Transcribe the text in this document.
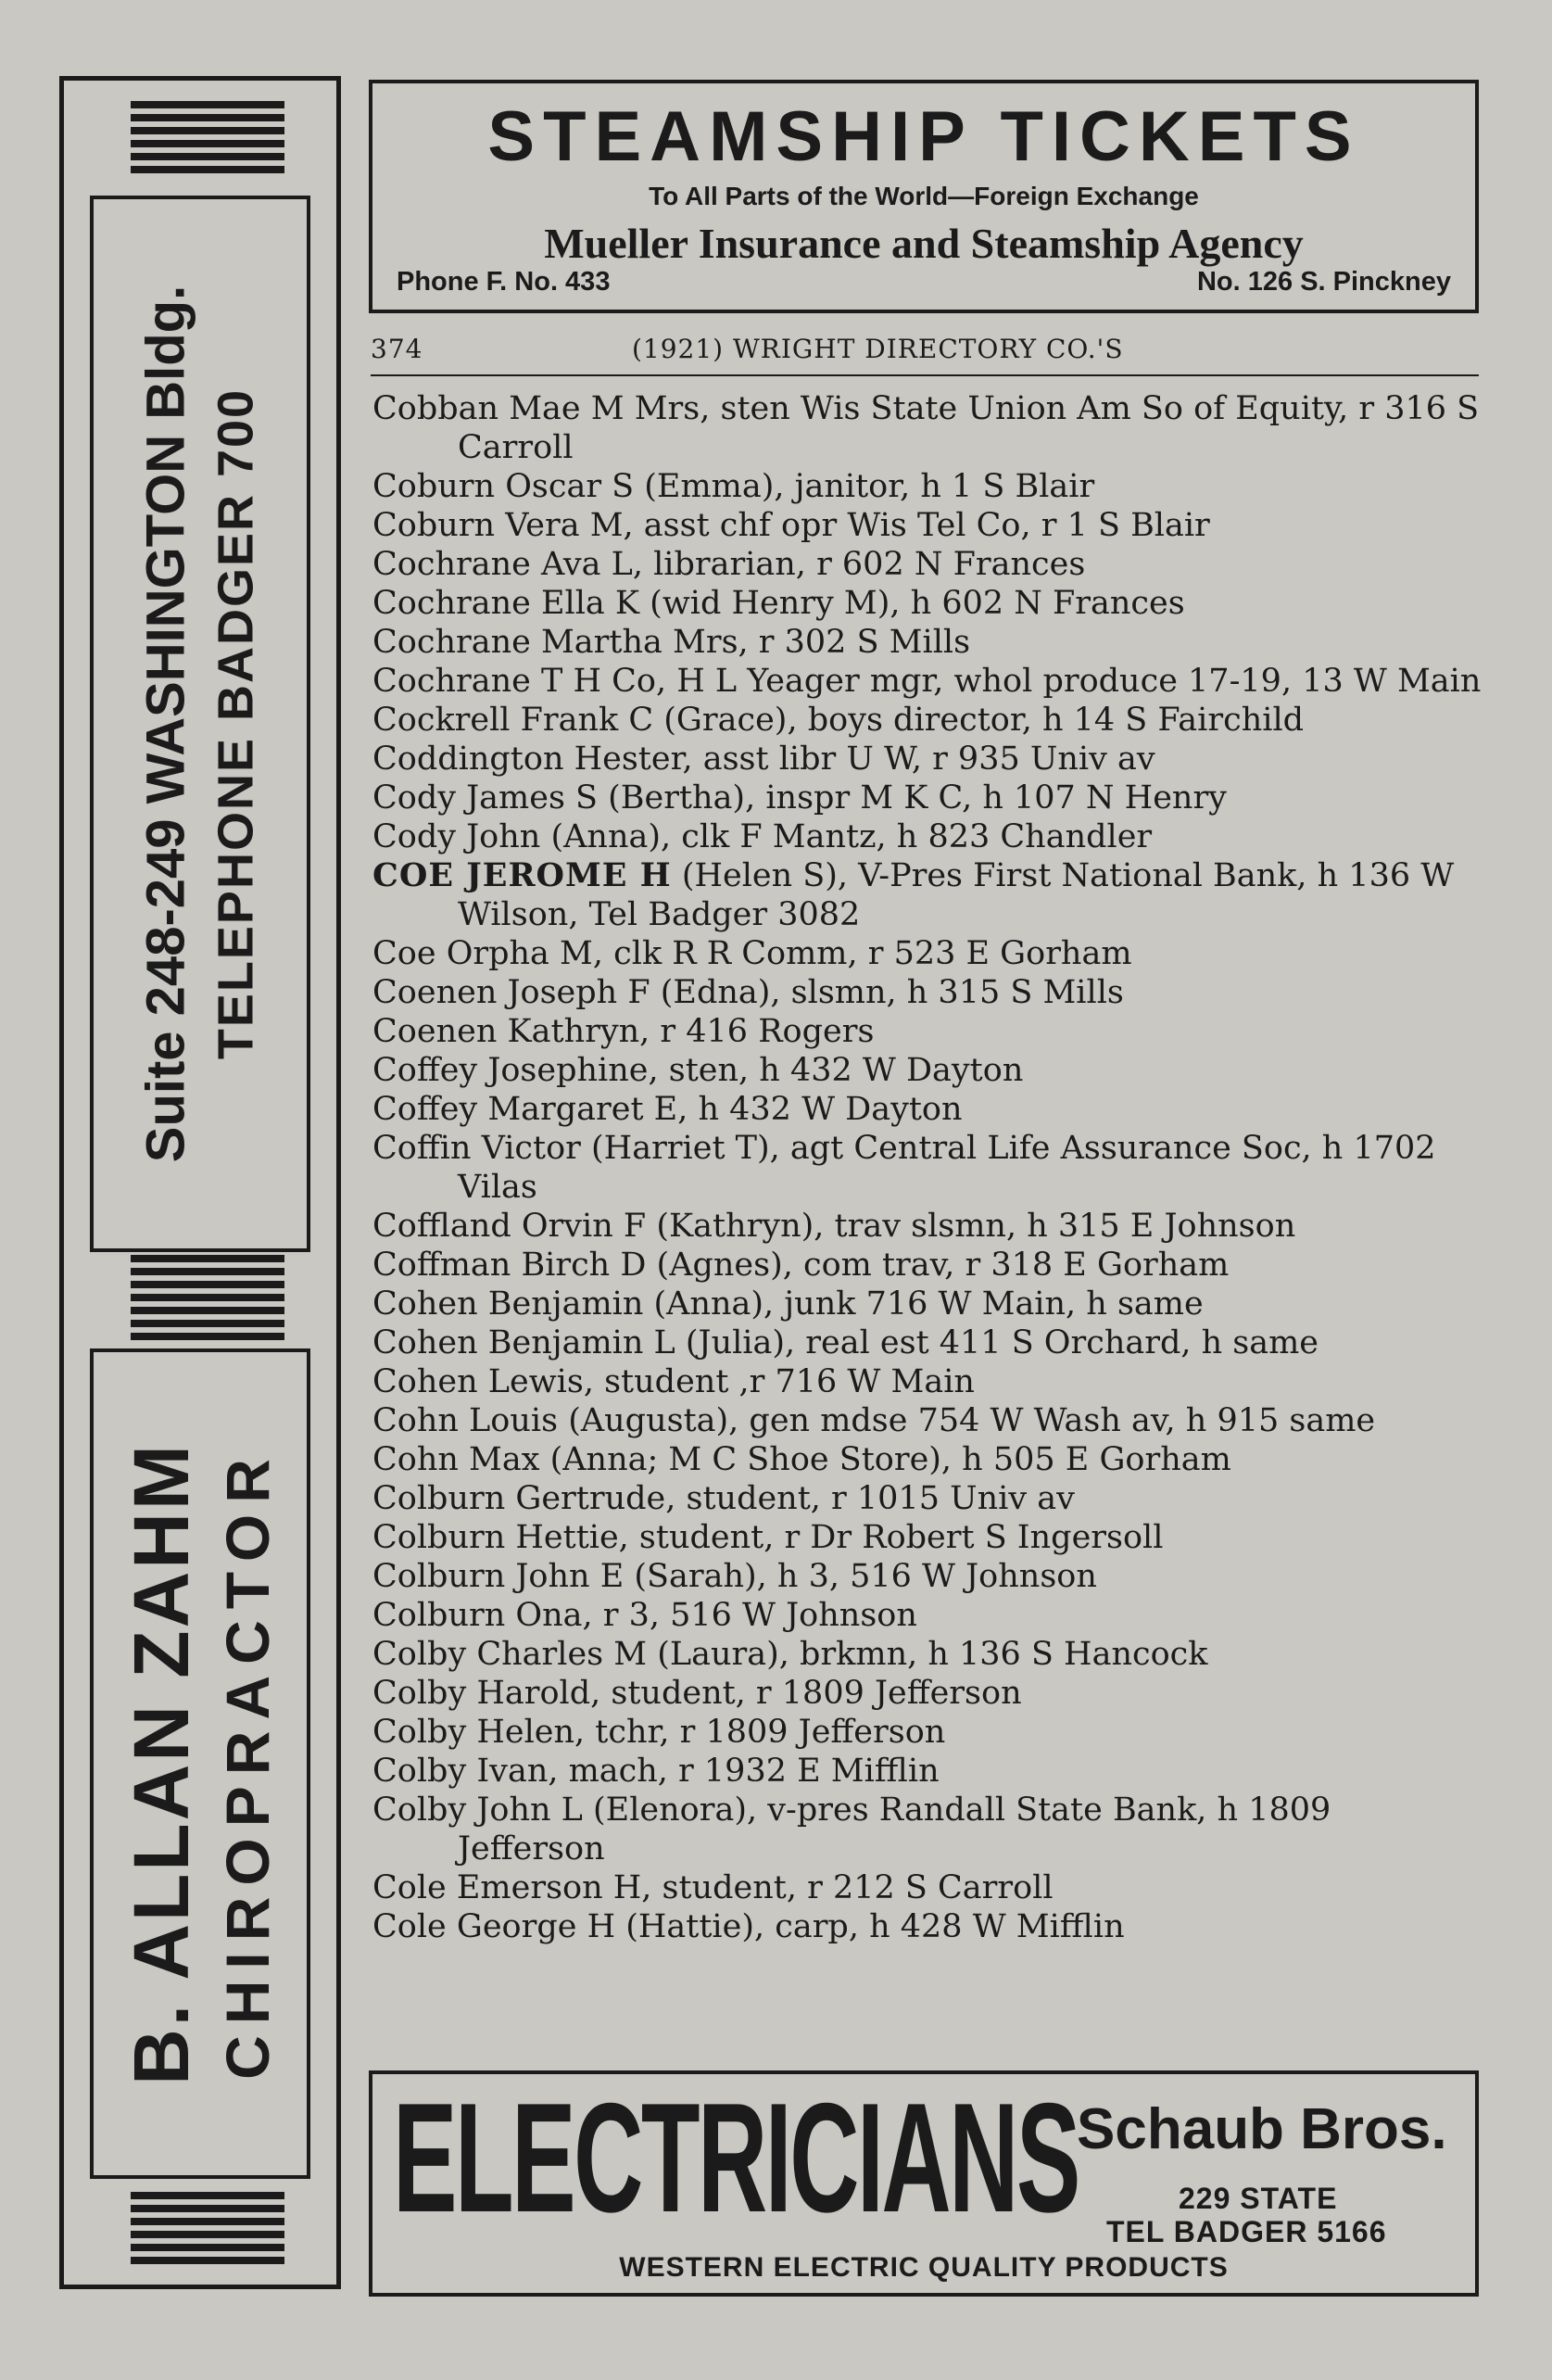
Suite 248-249 WASHINGTON Bldg. TELEPHONE BADGER 700
B. ALLAN ZAHM CHIROPRACTOR
STEAMSHIP TICKETS
To All Parts of the World—Foreign Exchange
Mueller Insurance and Steamship Agency
Phone F. No. 433	No. 126 S. Pinckney
374	(1921) WRIGHT DIRECTORY CO.'S
Cobban Mae M Mrs, sten Wis State Union Am So of Equity, r 316 S Carroll
Coburn Oscar S (Emma), janitor, h 1 S Blair
Coburn Vera M, asst chf opr Wis Tel Co, r 1 S Blair
Cochrane Ava L, librarian, r 602 N Frances
Cochrane Ella K (wid Henry M), h 602 N Frances
Cochrane Martha Mrs, r 302 S Mills
Cochrane T H Co, H L Yeager mgr, whol produce 17-19, 13 W Main
Cockrell Frank C (Grace), boys director, h 14 S Fairchild
Coddington Hester, asst libr U W, r 935 Univ av
Cody James S (Bertha), inspr M K C, h 107 N Henry
Cody John (Anna), clk F Mantz, h 823 Chandler
COE JEROME H (Helen S), V-Pres First National Bank, h 136 W Wilson, Tel Badger 3082
Coe Orpha M, clk R R Comm, r 523 E Gorham
Coenen Joseph F (Edna), slsmn, h 315 S Mills
Coenen Kathryn, r 416 Rogers
Coffey Josephine, sten, h 432 W Dayton
Coffey Margaret E, h 432 W Dayton
Coffin Victor (Harriet T), agt Central Life Assurance Soc, h 1702 Vilas
Coffland Orvin F (Kathryn), trav slsmn, h 315 E Johnson
Coffman Birch D (Agnes), com trav, r 318 E Gorham
Cohen Benjamin (Anna), junk 716 W Main, h same
Cohen Benjamin L (Julia), real est 411 S Orchard, h same
Cohen Lewis, student ,r 716 W Main
Cohn Louis (Augusta), gen mdse 754 W Wash av, h 915 same
Cohn Max (Anna; M C Shoe Store), h 505 E Gorham
Colburn Gertrude, student, r 1015 Univ av
Colburn Hettie, student, r Dr Robert S Ingersoll
Colburn John E (Sarah), h 3, 516 W Johnson
Colburn Ona, r 3, 516 W Johnson
Colby Charles M (Laura), brkmn, h 136 S Hancock
Colby Harold, student, r 1809 Jefferson
Colby Helen, tchr, r 1809 Jefferson
Colby Ivan, mach, r 1932 E Mifflin
Colby John L (Elenora), v-pres Randall State Bank, h 1809 Jefferson
Cole Emerson H, student, r 212 S Carroll
Cole George H (Hattie), carp, h 428 W Mifflin
ELECTRICIANS
Schaub Bros.
229 STATE
TEL BADGER 5166
WESTERN ELECTRIC QUALITY PRODUCTS
